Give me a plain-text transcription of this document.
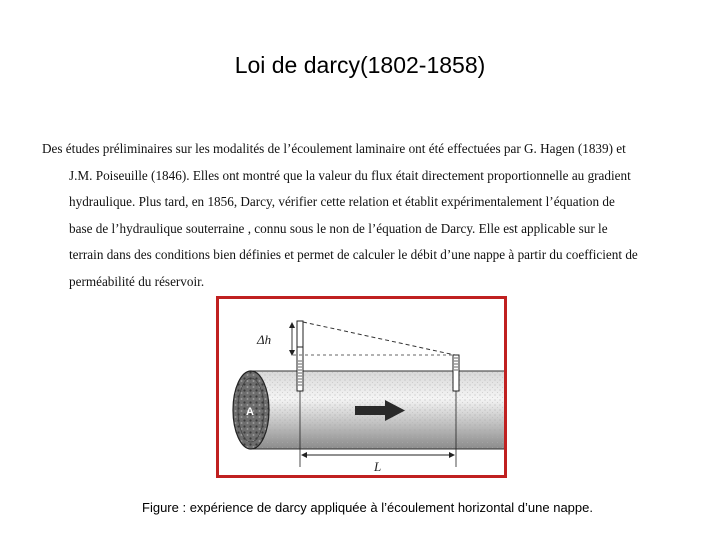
Loi de darcy(1802-1858)
Des études préliminaires sur les modalités de l’écoulement laminaire ont été effectuées par G. Hagen (1839) et
J.M. Poiseuille (1846). Elles ont montré que la valeur du flux était directement proportionnelle au gradient
hydraulique. Plus tard, en 1856, Darcy, vérifier cette relation et établit expérimentalement l’équation de
base de l’hydraulique souterraine , connu sous le non de l’équation de Darcy. Elle est applicable sur le
terrain dans des conditions bien définies et permet de calculer le débit d’une nappe à partir du coefficient de
perméabilité du réservoir.
A
Δh
L
Figure : expérience de darcy appliquée à l’écoulement horizontal d’une nappe.
